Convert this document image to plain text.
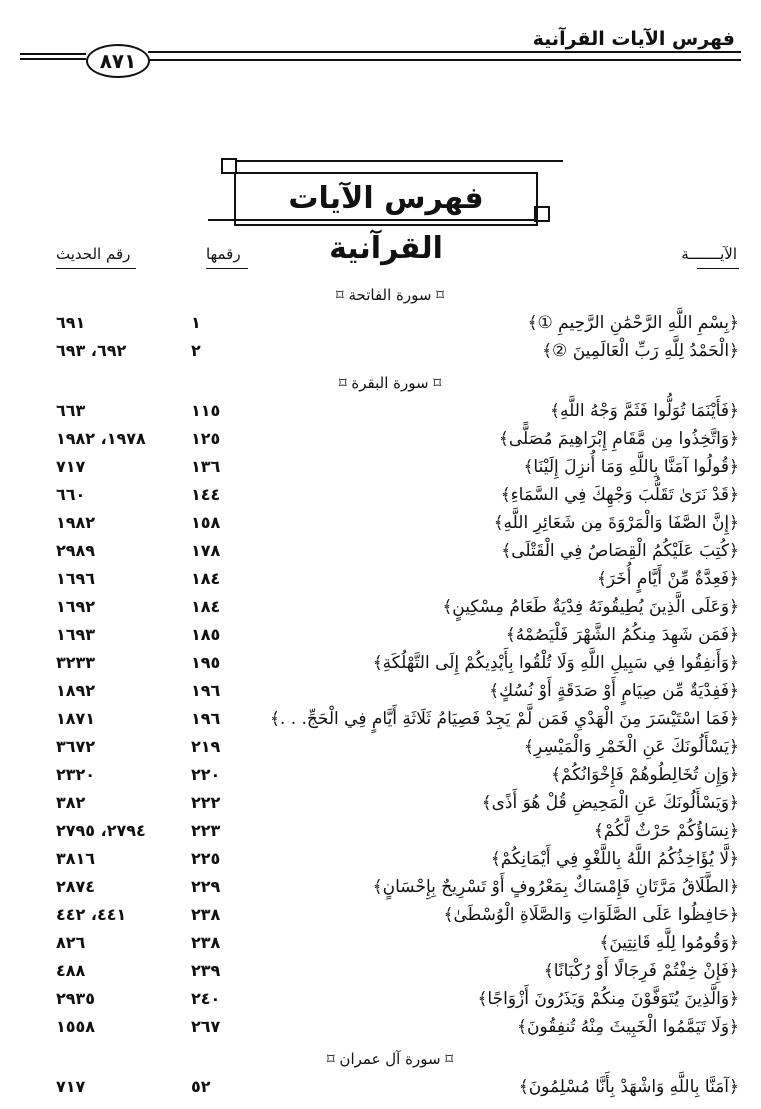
فهرس الآيات القرآنية
٨٧١
فهرس الآيات القرآنية	الآيـــــــة
رقمها
رقم الحديث
⌑ سورة الفاتحة ⌑
﴿بِسْمِ اللَّهِ الرَّحْمَٰنِ الرَّحِيمِ ①﴾
١
٦٩١
﴿الْحَمْدُ لِلَّهِ رَبِّ الْعَالَمِينَ ②﴾
٢
٦٩٢، ٦٩٣
⌑ سورة البقرة ⌑
﴿فَأَيْنَمَا تُوَلُّوا فَثَمَّ وَجْهُ اللَّهِ﴾
١١٥
٦٦٣
﴿وَاتَّخِذُوا مِن مَّقَامِ إِبْرَاهِيمَ مُصَلًّى﴾
١٢٥
١٩٧٨، ١٩٨٢
﴿قُولُوا آمَنَّا بِاللَّهِ وَمَا أُنزِلَ إِلَيْنَا﴾
١٣٦
٧١٧
﴿قَدْ نَرَىٰ تَقَلُّبَ وَجْهِكَ فِي السَّمَاءِ﴾
١٤٤
٦٦٠
﴿إِنَّ الصَّفَا وَالْمَرْوَةَ مِن شَعَائِرِ اللَّهِ﴾
١٥٨
١٩٨٢
﴿كُتِبَ عَلَيْكُمُ الْقِصَاصُ فِي الْقَتْلَى﴾
١٧٨
٢٩٨٩
﴿فَعِدَّةٌ مِّنْ أَيَّامٍ أُخَرَ﴾
١٨٤
١٦٩٦
﴿وَعَلَى الَّذِينَ يُطِيقُونَهُ فِدْيَةٌ طَعَامُ مِسْكِينٍ﴾
١٨٤
١٦٩٢
﴿فَمَن شَهِدَ مِنكُمُ الشَّهْرَ فَلْيَصُمْهُ﴾
١٨٥
١٦٩٣
﴿وَأَنفِقُوا فِي سَبِيلِ اللَّهِ وَلَا تُلْقُوا بِأَيْدِيكُمْ إِلَى التَّهْلُكَةِ﴾
١٩٥
٣٢٣٣
﴿فَفِدْيَةٌ مِّن صِيَامٍ أَوْ صَدَقَةٍ أَوْ نُسُكٍ﴾
١٩٦
١٨٩٢
﴿فَمَا اسْتَيْسَرَ مِنَ الْهَدْيِ فَمَن لَّمْ يَجِدْ فَصِيَامُ ثَلَاثَةِ أَيَّامٍ فِي الْحَجِّ. . .﴾
١٩٦
١٨٧١
﴿يَسْأَلُونَكَ عَنِ الْخَمْرِ وَالْمَيْسِرِ﴾
٢١٩
٣٦٧٢
﴿وَإِن تُخَالِطُوهُمْ فَإِخْوَانُكُمْ﴾
٢٢٠
٢٣٢٠
﴿وَيَسْأَلُونَكَ عَنِ الْمَحِيضِ قُلْ هُوَ أَذًى﴾
٢٢٢
٣٨٢
﴿نِسَاؤُكُمْ حَرْثٌ لَّكُمْ﴾
٢٢٣
٢٧٩٤، ٢٧٩٥
﴿لَّا يُؤَاخِذُكُمُ اللَّهُ بِاللَّغْوِ فِي أَيْمَانِكُمْ﴾
٢٢٥
٣٨١٦
﴿الطَّلَاقُ مَرَّتَانِ فَإِمْسَاكٌ بِمَعْرُوفٍ أَوْ تَسْرِيحٌ بِإِحْسَانٍ﴾
٢٢٩
٢٨٧٤
﴿حَافِظُوا عَلَى الصَّلَوَاتِ وَالصَّلَاةِ الْوُسْطَىٰ﴾
٢٣٨
٤٤١، ٤٤٢
﴿وَقُومُوا لِلَّهِ قَانِتِينَ﴾
٢٣٨
٨٢٦
﴿فَإِنْ خِفْتُمْ فَرِجَالًا أَوْ رُكْبَانًا﴾
٢٣٩
٤٨٨
﴿وَالَّذِينَ يُتَوَفَّوْنَ مِنكُمْ وَيَذَرُونَ أَزْوَاجًا﴾
٢٤٠
٢٩٣٥
﴿وَلَا تَيَمَّمُوا الْخَبِيثَ مِنْهُ تُنفِقُونَ﴾
٢٦٧
١٥٥٨
⌑ سورة آل عمران ⌑
﴿آمَنَّا بِاللَّهِ وَاشْهَدْ بِأَنَّا مُسْلِمُونَ﴾
٥٢
٧١٧
